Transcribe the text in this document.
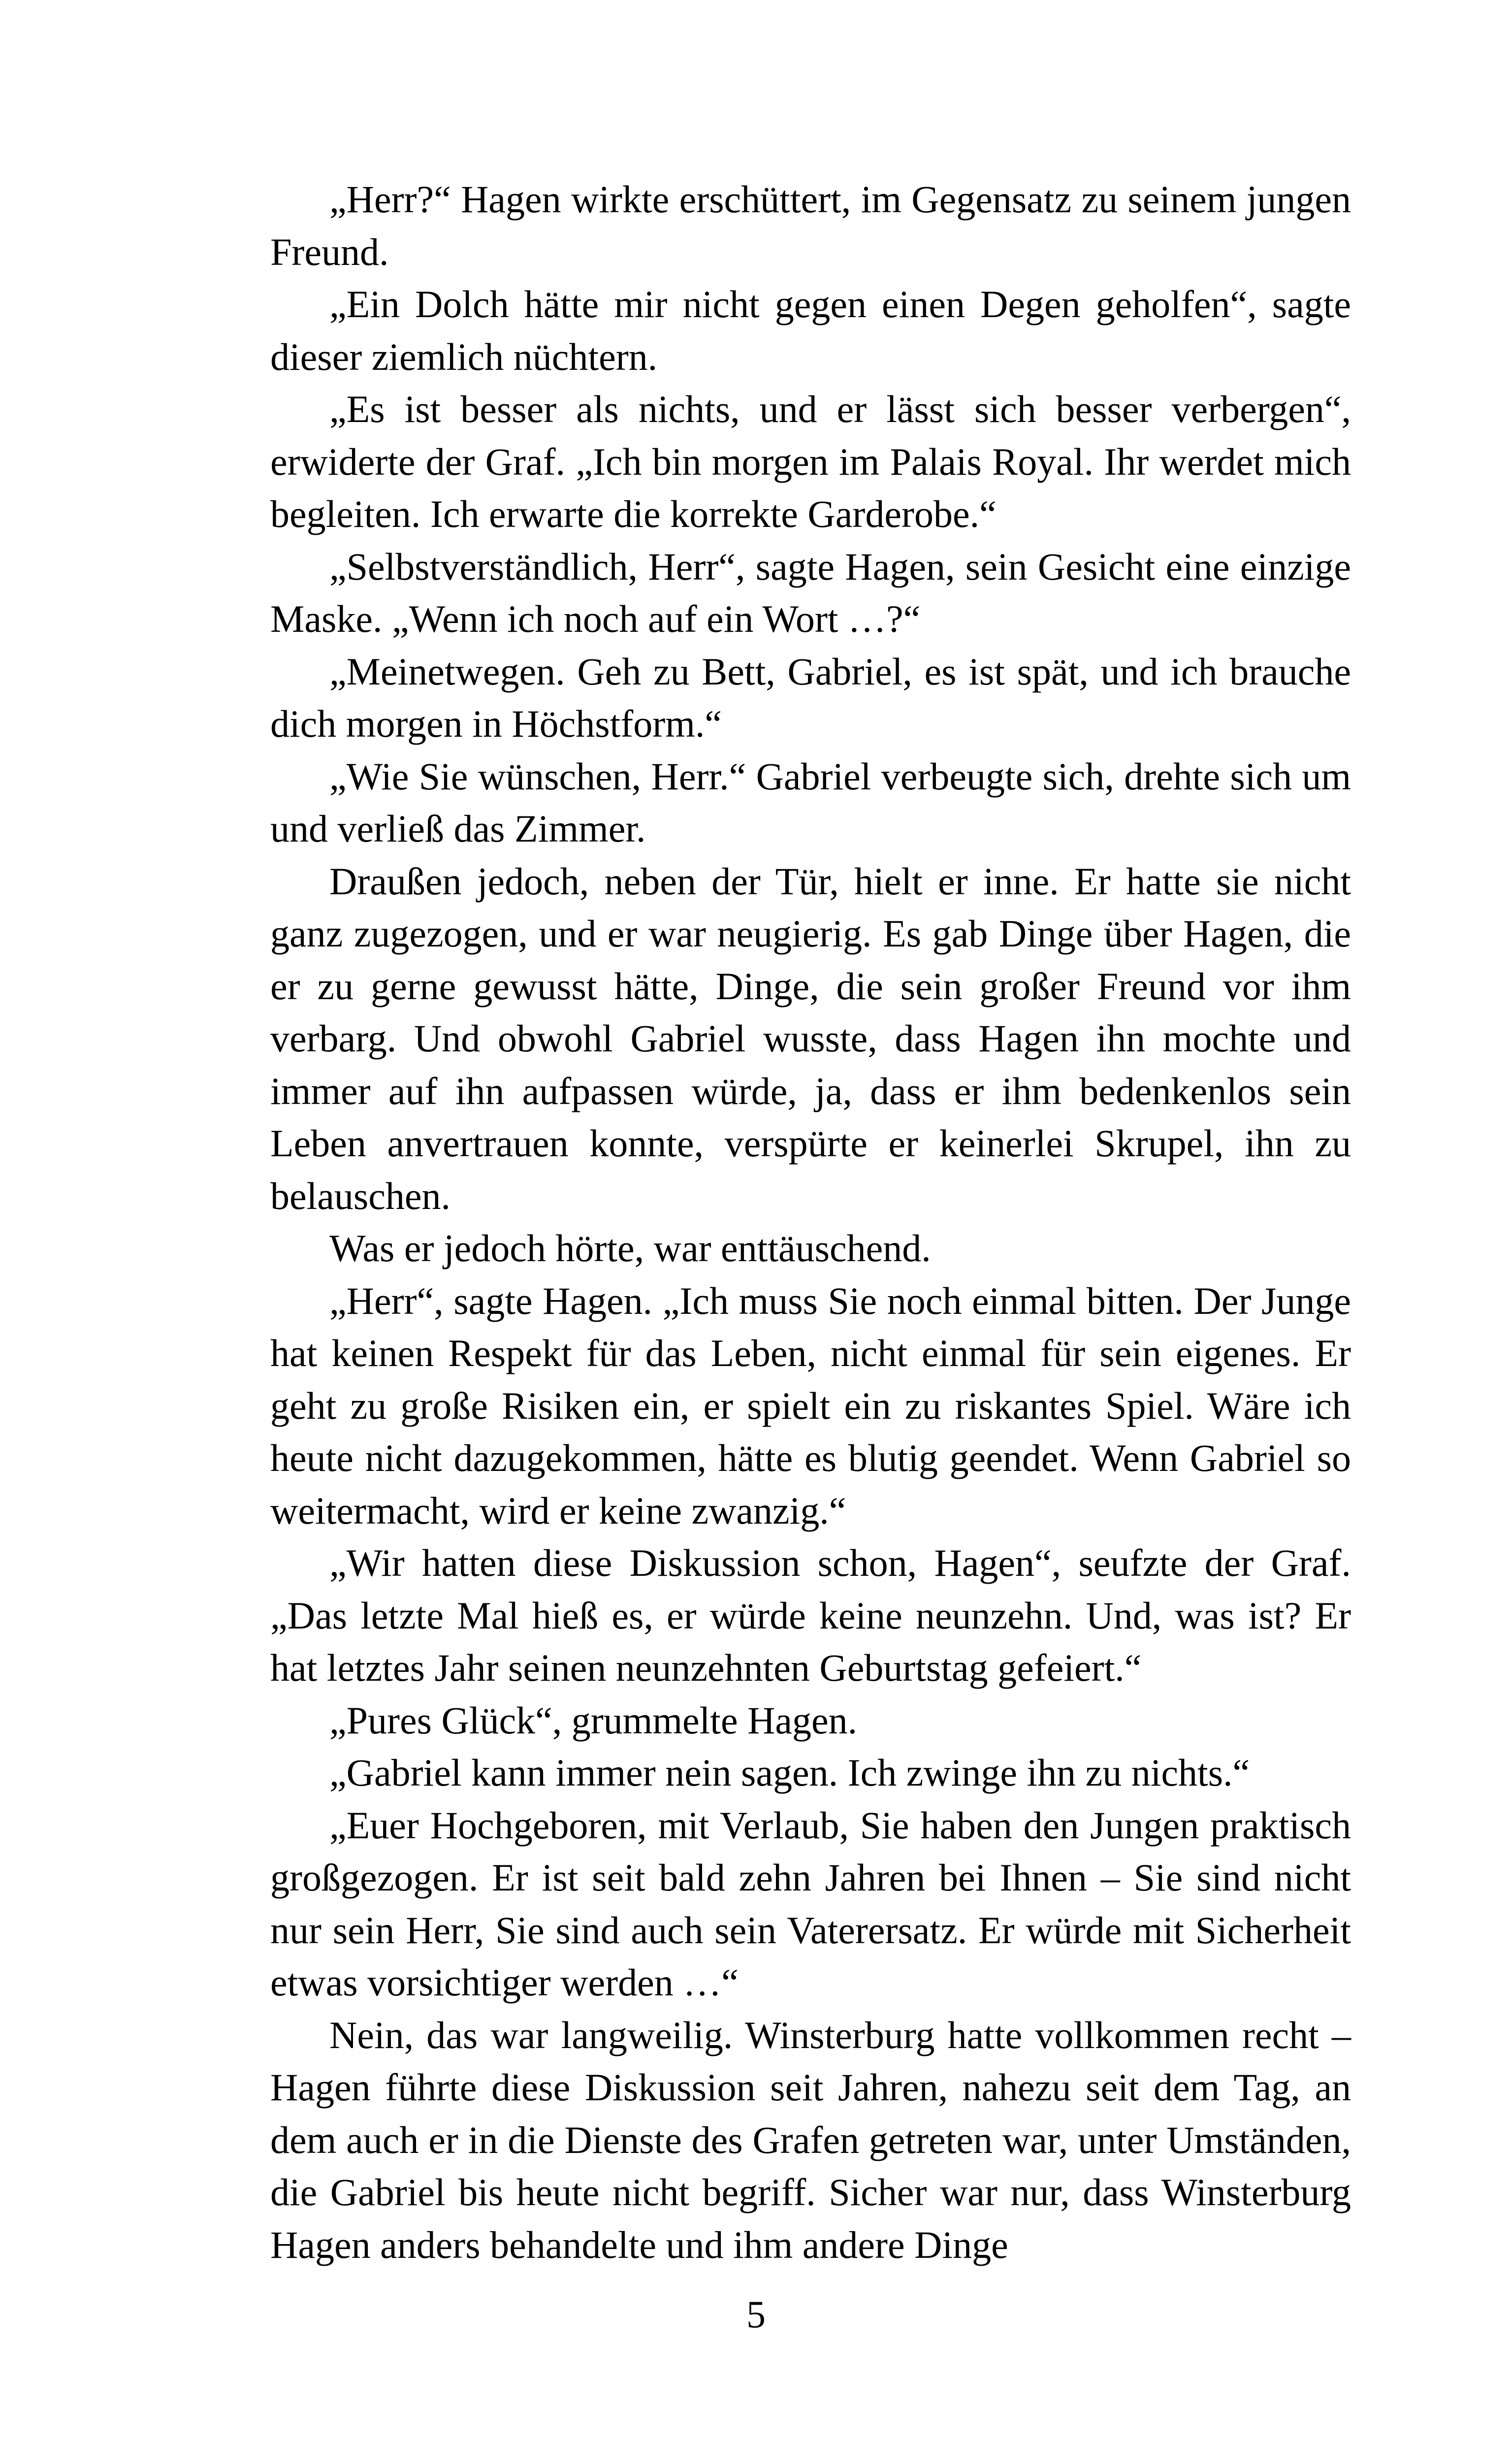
„Herr?“ Hagen wirkte erschüttert, im Gegensatz zu seinem jungen Freund.

„Ein Dolch hätte mir nicht gegen einen Degen geholfen“, sagte dieser ziemlich nüchtern.

„Es ist besser als nichts, und er lässt sich besser verbergen“, erwiderte der Graf. „Ich bin morgen im Palais Royal. Ihr werdet mich begleiten. Ich erwarte die korrekte Garderobe.“

„Selbstverständlich, Herr“, sagte Hagen, sein Gesicht eine einzige Maske. „Wenn ich noch auf ein Wort …?“

„Meinetwegen. Geh zu Bett, Gabriel, es ist spät, und ich brauche dich morgen in Höchstform.“

„Wie Sie wünschen, Herr.“ Gabriel verbeugte sich, drehte sich um und verließ das Zimmer.

Draußen jedoch, neben der Tür, hielt er inne. Er hatte sie nicht ganz zugezogen, und er war neugierig. Es gab Dinge über Hagen, die er zu gerne gewusst hätte, Dinge, die sein großer Freund vor ihm verbarg. Und obwohl Gabriel wusste, dass Hagen ihn mochte und immer auf ihn aufpassen würde, ja, dass er ihm bedenkenlos sein Leben anvertrauen konnte, verspürte er keinerlei Skrupel, ihn zu belauschen.

Was er jedoch hörte, war enttäuschend.

„Herr“, sagte Hagen. „Ich muss Sie noch einmal bitten. Der Junge hat keinen Respekt für das Leben, nicht einmal für sein eigenes. Er geht zu große Risiken ein, er spielt ein zu riskantes Spiel. Wäre ich heute nicht dazugekommen, hätte es blutig geendet. Wenn Gabriel so weitermacht, wird er keine zwanzig.“

„Wir hatten diese Diskussion schon, Hagen“, seufzte der Graf. „Das letzte Mal hieß es, er würde keine neunzehn. Und, was ist? Er hat letztes Jahr seinen neunzehnten Geburtstag gefeiert.“

„Pures Glück“, grummelte Hagen.

„Gabriel kann immer nein sagen. Ich zwinge ihn zu nichts.“

„Euer Hochgeboren, mit Verlaub, Sie haben den Jungen praktisch großgezogen. Er ist seit bald zehn Jahren bei Ihnen – Sie sind nicht nur sein Herr, Sie sind auch sein Vaterersatz. Er würde mit Sicherheit etwas vorsichtiger werden …“

Nein, das war langweilig. Winsterburg hatte vollkommen recht – Hagen führte diese Diskussion seit Jahren, nahezu seit dem Tag, an dem auch er in die Dienste des Grafen getreten war, unter Umständen, die Gabriel bis heute nicht begriff. Sicher war nur, dass Winsterburg Hagen anders behandelte und ihm andere Dinge

5
